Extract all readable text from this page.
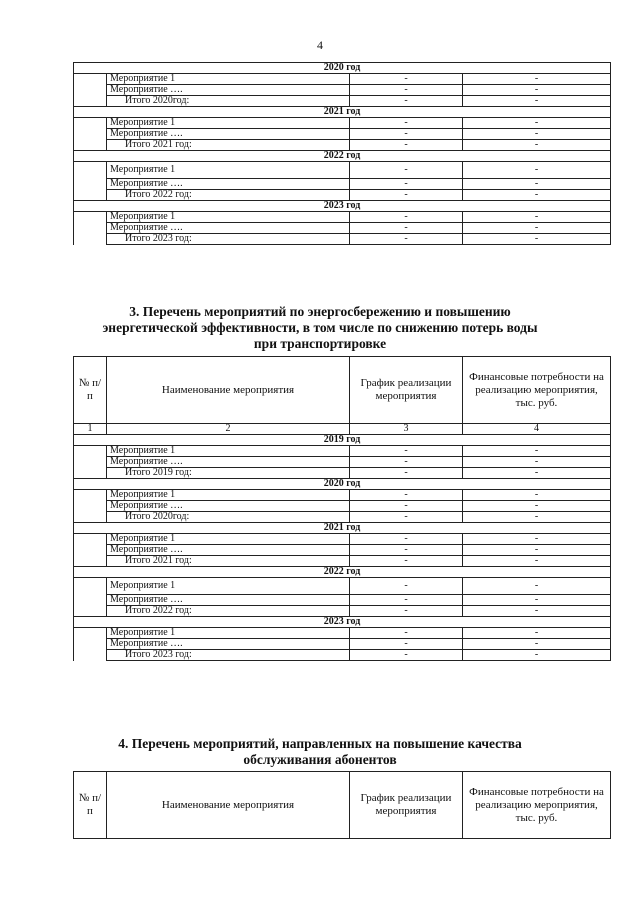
4
2020 год			
	Мероприятие 1	-	-
	Мероприятие ….	-	-
	Итого 2020год:	-	-
2021 год			
	Мероприятие 1	-	-
	Мероприятие ….	-	-
	Итого 2021 год:	-	-
2022 год			
	Мероприятие 1	-	-
	Мероприятие ….	-	-
	Итого 2022 год:	-	-
2023 год			
	Мероприятие 1	-	-
	Мероприятие ….	-	-
	Итого 2023 год:	-	-
3. Перечень мероприятий по энергосбережению и повышению
энергетической эффективности, в том числе по снижению потерь воды
при транспортировке
№ п/п	Наименование мероприятия	График реализации мероприятия	Финансовые потребности на реализацию мероприятия, тыс. руб.
1	2	3	4
2019 год			
	Мероприятие 1	-	-
	Мероприятие ….	-	-
	Итого 2019 год:	-	-
2020 год			
	Мероприятие 1	-	-
	Мероприятие ….	-	-
	Итого 2020год:	-	-
2021 год			
	Мероприятие 1	-	-
	Мероприятие ….	-	-
	Итого 2021 год:	-	-
2022 год			
	Мероприятие 1	-	-
	Мероприятие ….	-	-
	Итого 2022 год:	-	-
2023 год			
	Мероприятие 1	-	-
	Мероприятие ….	-	-
	Итого 2023 год:	-	-
4. Перечень мероприятий, направленных на повышение качества
обслуживания абонентов
№ п/п	Наименование мероприятия	График реализации мероприятия	Финансовые потребности на реализацию мероприятия, тыс. руб.
